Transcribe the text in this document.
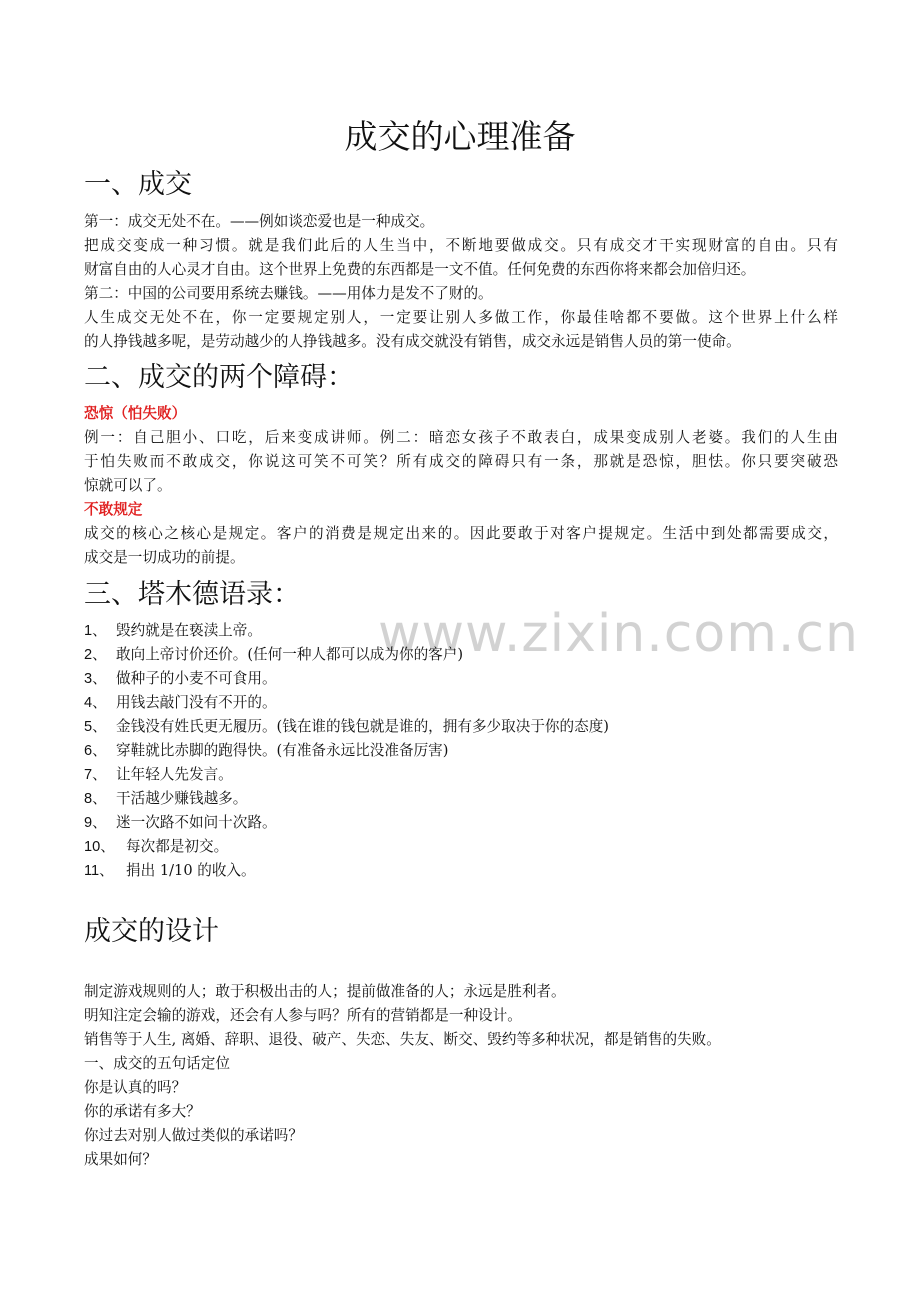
www.zixin.com.cn
成交的心理准备
一、成交
第一：成交无处不在。——例如谈恋爱也是一种成交。
把成交变成一种习惯。就是我们此后的人生当中，不断地要做成交。只有成交才干实现财富的自由。只有
财富自由的人心灵才自由。这个世界上免费的东西都是一文不值。任何免费的东西你将来都会加倍归还。
第二：中国的公司要用系统去赚钱。——用体力是发不了财的。
人生成交无处不在，你一定要规定别人，一定要让别人多做工作，你最佳啥都不要做。这个世界上什么样
的人挣钱越多呢，是劳动越少的人挣钱越多。没有成交就没有销售，成交永远是销售人员的第一使命。
二、成交的两个障碍：
恐惊（怕失败）
例一：自己胆小、口吃，后来变成讲师。例二：暗恋女孩子不敢表白，成果变成别人老婆。我们的人生由
于怕失败而不敢成交，你说这可笑不可笑？所有成交的障碍只有一条，那就是恐惊，胆怯。你只要突破恐
惊就可以了。
不敢规定
成交的核心之核心是规定。客户的消费是规定出来的。因此要敢于对客户提规定。生活中到处都需要成交，
成交是一切成功的前提。
三、塔木德语录：
1、 毁约就是在亵渎上帝。
2、 敢向上帝讨价还价。(任何一种人都可以成为你的客户)
3、 做种子的小麦不可食用。
4、 用钱去敲门没有不开的。
5、 金钱没有姓氏更无履历。(钱在谁的钱包就是谁的，拥有多少取决于你的态度)
6、 穿鞋就比赤脚的跑得快。(有准备永远比没准备厉害)
7、 让年轻人先发言。
8、 干活越少赚钱越多。
9、 迷一次路不如问十次路。
10、 每次都是初交。
11、 捐出 1/10 的收入。
成交的设计
制定游戏规则的人；敢于积极出击的人；提前做准备的人；永远是胜利者。
明知注定会输的游戏，还会有人参与吗？所有的营销都是一种设计。
销售等于人生, 离婚、辞职、退役、破产、失恋、失友、断交、毁约等多种状况，都是销售的失败。
一、成交的五句话定位
你是认真的吗？
你的承诺有多大？
你过去对别人做过类似的承诺吗？
成果如何？
